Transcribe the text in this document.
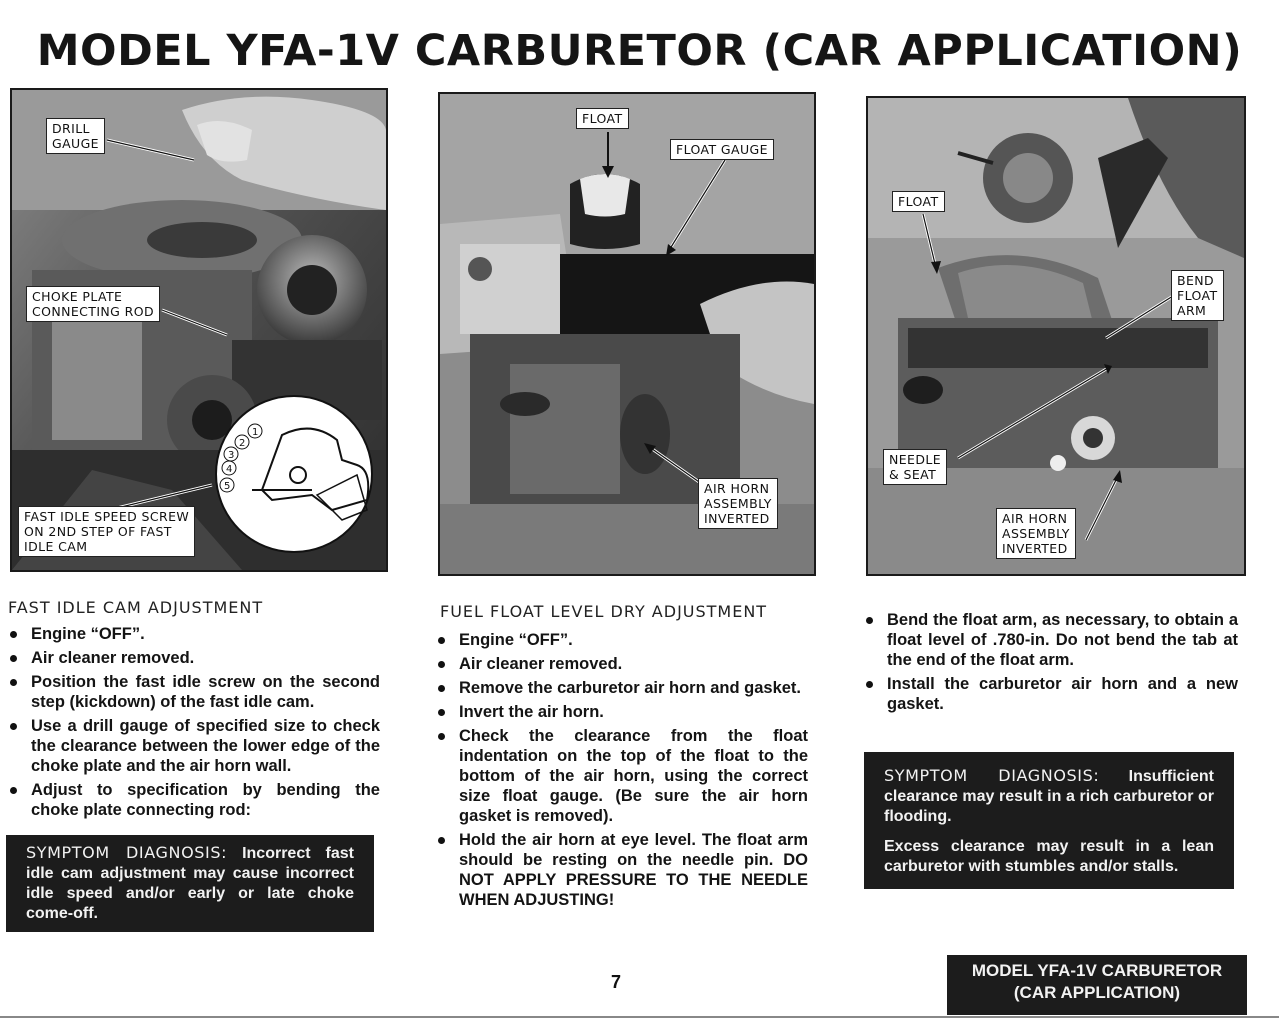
MODEL YFA-1V CARBURETOR (CAR APPLICATION)
1
2
3
4
5
DRILL
GAUGE
CHOKE PLATE
CONNECTING ROD
FAST IDLE SPEED SCREW
ON 2ND STEP OF FAST
IDLE CAM
FLOAT
FLOAT GAUGE
AIR HORN
ASSEMBLY
INVERTED
FLOAT
BEND
FLOAT
ARM
NEEDLE
& SEAT
AIR HORN
ASSEMBLY
INVERTED
FAST IDLE CAM ADJUSTMENT
Engine “OFF”.
Air cleaner removed.
Position the fast idle screw on the second step (kickdown) of the fast idle cam.
Use a drill gauge of specified size to check the clearance between the lower edge of the choke plate and the air horn wall.
Adjust to specification by bending the choke plate connecting rod:

SYMPTOM DIAGNOSIS: Incorrect fast idle cam adjustment may cause incorrect idle speed and/or early or late choke come-off.

FUEL FLOAT LEVEL DRY ADJUSTMENT
Engine “OFF”.
Air cleaner removed.
Remove the carburetor air horn and gasket.
Invert the air horn.
Check the clearance from the float indentation on the top of the float to the bottom of the air horn, using the correct size float gauge. (Be sure the air horn gasket is removed).
Hold the air horn at eye level. The float arm should be resting on the needle pin. DO NOT APPLY PRESSURE TO THE NEEDLE WHEN ADJUSTING!
Bend the float arm, as necessary, to obtain a float level of .780-in. Do not bend the tab at the end of the float arm.
Install the carburetor air horn and a new gasket.

SYMPTOM DIAGNOSIS: Insufficient clearance may result in a rich carburetor or flooding.

Excess clearance may result in a lean carburetor with stumbles and/or stalls.

7
MODEL YFA-1V CARBURETOR
(CAR APPLICATION)
